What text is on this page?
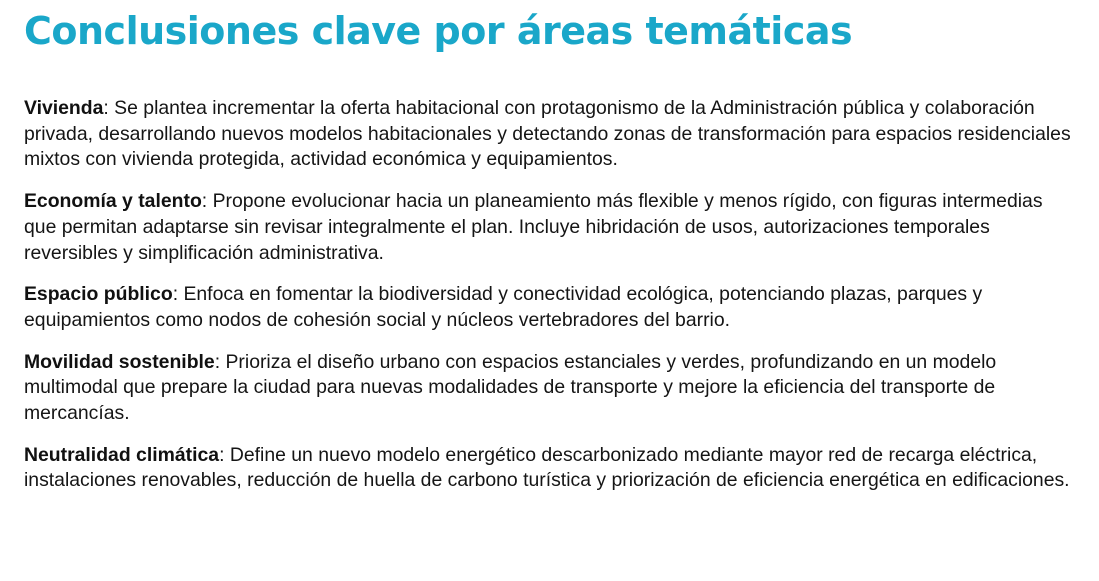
Conclusiones clave por áreas temáticas

Vivienda: Se plantea incrementar la oferta habitacional con protagonismo de la Administración pública y colaboración privada, desarrollando nuevos modelos habitacionales y detectando zonas de transformación para espacios residenciales mixtos con vivienda protegida, actividad económica y equipamientos.

Economía y talento: Propone evolucionar hacia un planeamiento más flexible y menos rígido, con figuras intermedias que permitan adaptarse sin revisar integralmente el plan. Incluye hibridación de usos, autorizaciones temporales reversibles y simplificación administrativa.

Espacio público: Enfoca en fomentar la biodiversidad y conectividad ecológica, potenciando plazas, parques y equipamientos como nodos de cohesión social y núcleos vertebradores del barrio.

Movilidad sostenible: Prioriza el diseño urbano con espacios estanciales y verdes, profundizando en un modelo multimodal que prepare la ciudad para nuevas modalidades de transporte y mejore la eficiencia del transporte de mercancías.

Neutralidad climática: Define un nuevo modelo energético descarbonizado mediante mayor red de recarga eléctrica, instalaciones renovables, reducción de huella de carbono turística y priorización de eficiencia energética en edificaciones.
